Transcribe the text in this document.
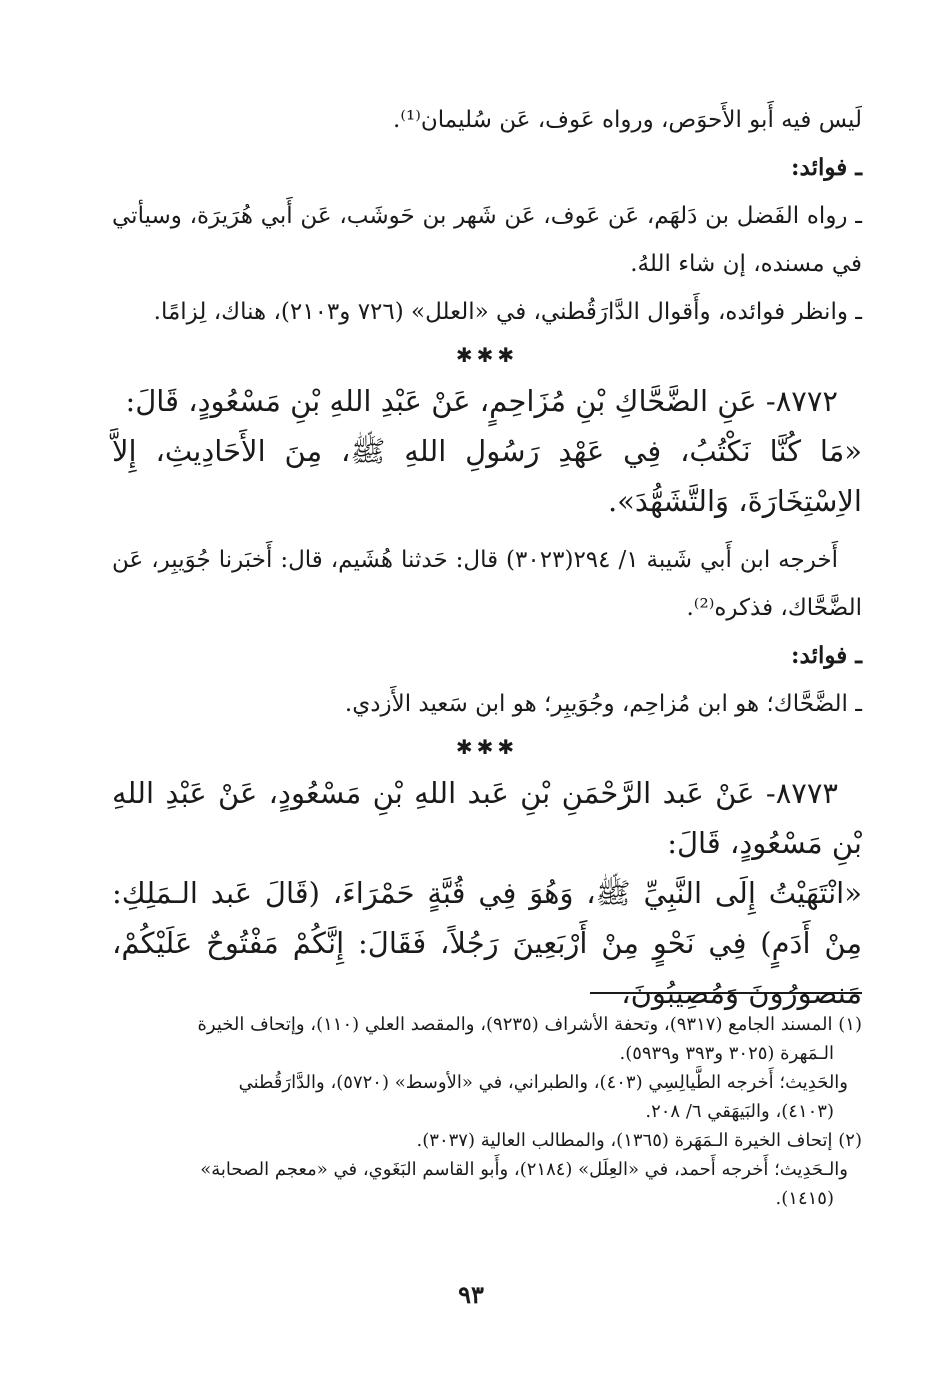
لَيس فيه أَبو الأَحوَص، ورواه عَوف، عَن سُليمان⁽¹⁾.

ـ فوائد:

ـ رواه الفَضل بن دَلهَم، عَن عَوف، عَن شَهر بن حَوشَب، عَن أَبي هُرَيرَة، وسيأتي في مسنده، إن شاء اللهُ.

ـ وانظر فوائده، وأَقوال الدَّارَقُطني، في «العلل» (٧٢٦ و٢١٠٣)، هناك، لِزامًا.

✱✱✱

٨٧٧٢- عَنِ الضَّحَّاكِ بْنِ مُزَاحِمٍ، عَنْ عَبْدِ اللهِ بْنِ مَسْعُودٍ، قَالَ:

«مَا كُنَّا نَكْتُبُ، فِي عَهْدِ رَسُولِ اللهِ ﷺ، مِنَ الأَحَادِيثِ، إِلاَّ الاِسْتِخَارَةَ، وَالتَّشَهُّدَ».

أَخرجه ابن أَبي شَيبة ١/ ٢٩٤(٣٠٢٣) قال: حَدثنا هُشَيم، قال: أَخبَرنا جُوَيبِر، عَن الضَّحَّاك، فذكره⁽²⁾.

ـ فوائد:

ـ الضَّحَّاك؛ هو ابن مُزاحِم، وجُوَيبِر؛ هو ابن سَعيد الأَزدي.

✱✱✱

٨٧٧٣- عَنْ عَبد الرَّحْمَنِ بْنِ عَبد اللهِ بْنِ مَسْعُودٍ، عَنْ عَبْدِ اللهِ بْنِ مَسْعُودٍ، قَالَ:

«انْتَهَيْتُ إِلَى النَّبِيِّ ﷺ، وَهُوَ فِي قُبَّةٍ حَمْرَاءَ، (قَالَ عَبد الـمَلِكِ: مِنْ أَدَمٍ) فِي نَحْوٍ مِنْ أَرْبَعِينَ رَجُلاً، فَقَالَ: إِنَّكُمْ مَفْتُوحٌ عَلَيْكُمْ، مَنصورُونَ وَمُصِيبُونَ،

(١) المسند الجامع (٩٣١٧)، وتحفة الأشراف (٩٢٣٥)، والمقصد العلي (١١٠)، وإتحاف الخيرة

الـمَهرة (٣٠٢٥ و٣٩٣ و٥٩٣٩).

والحَدِيث؛ أَخرجه الطَّيالِسِي (٤٠٣)، والطبراني، في «الأوسط» (٥٧٢٠)، والدَّارَقُطني

(٤١٠٣)، والبَيهَقي ٦/ ٢٠٨.

(٢) إتحاف الخيرة الـمَهَرة (١٣٦٥)، والمطالب العالية (٣٠٣٧).

والـحَدِيث؛ أَخرجه أَحمد، في «العِلَل» (٢١٨٤)، وأَبو القاسم البَغَوي، في «معجم الصحابة»

(١٤١٥).

٩٣
